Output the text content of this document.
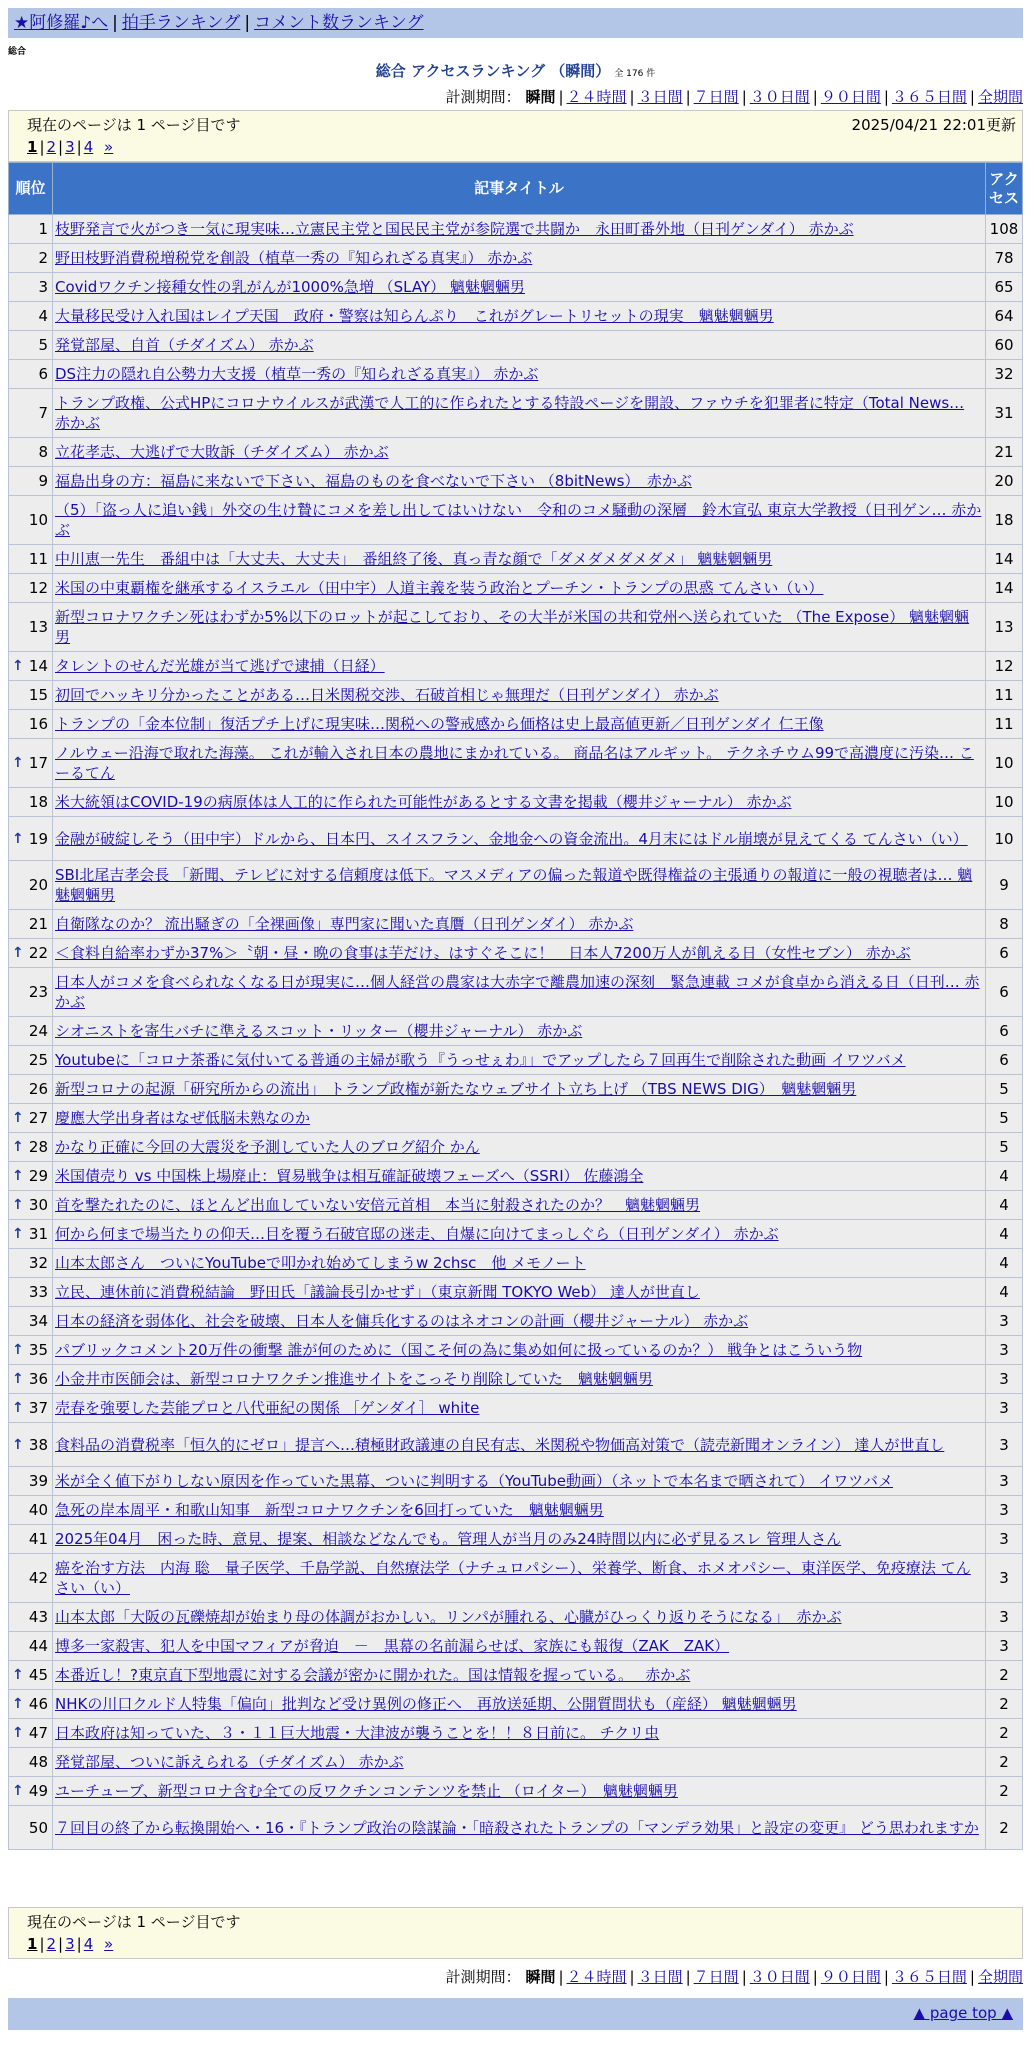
★阿修羅♪へ | 拍手ランキング | コメント数ランキング
総合
総合 アクセスランキング （瞬間） 全 176 件
計測期間： 瞬間 | ２４時間 | ３日間 | ７日間 | ３０日間 | ９０日間 | ３６５日間 | 全期間
現在のページは 1 ページ目です	2025/04/21 22:01更新
1 | 2 | 3 | 4 »
順位	記事タイトル	アクセス
1	枝野発言で火がつき一気に現実味…立憲民主党と国民民主党が参院選で共闘か　永田町番外地（日刊ゲンダイ） 赤かぶ	108
2	野田枝野消費税増税党を創設（植草一秀の『知られざる真実』） 赤かぶ	78
3	Covidワクチン接種女性の乳がんが1000%急増 （SLAY） 魑魅魍魎男	65
4	大量移民受け入れ国はレイプ天国　政府・警察は知らんぷり　これがグレートリセットの現実　魑魅魍魎男	64
5	発覚部屋、自首（チダイズム） 赤かぶ	60
6	DS注力の隠れ自公勢力大支援（植草一秀の『知られざる真実』） 赤かぶ	32
7	トランプ政権、公式HPにコロナウイルスが武漢で人工的に作られたとする特設ページを開設、ファウチを犯罪者に特定（Total News… 赤かぶ	31
8	立花孝志、大逃げで大敗訴（チダイズム） 赤かぶ	21
9	福島出身の方：福島に来ないで下さい、福島のものを食べないで下さい （8bitNews）　赤かぶ	20
10	（5）「盗っ人に追い銭」外交の生け贄にコメを差し出してはいけない　令和のコメ騒動の深層　鈴木宣弘 東京大学教授（日刊ゲン… 赤かぶ	18
11	中川恵一先生　番組中は「大丈夫、大丈夫」　番組終了後、真っ青な顔で「ダメダメダメダメ」 魑魅魍魎男	14
12	米国の中東覇権を継承するイスラエル（田中宇）人道主義を装う政治とプーチン・トランプの思惑 てんさい（い）	14
13	新型コロナワクチン死はわずか5%以下のロットが起こしており、その大半が米国の共和党州へ送られていた （The Expose） 魑魅魍魎男	13

↑ 14	タレントのせんだ光雄が当て逃げで逮捕（日経）	12
15	初回でハッキリ分かったことがある…日米関税交渉、石破首相じゃ無理だ（日刊ゲンダイ） 赤かぶ	11
16	トランプの「金本位制」復活プチ上げに現実味…関税への警戒感から価格は史上最高値更新／日刊ゲンダイ 仁王像	11

↑ 17	ノルウェー沿海で取れた海藻。 これが輸入され日本の農地にまかれている。 商品名はアルギット。 テクネチウム99で高濃度に汚染… こーるてん	10
18	米大統領はCOVID-19の病原体は人工的に作られた可能性があるとする文書を掲載（櫻井ジャーナル） 赤かぶ	10

↑ 19	金融が破綻しそう（田中宇）ドルから、日本円、スイスフラン、金地金への資金流出。4月末にはドル崩壊が見えてくる てんさい（い）	10
20	SBI北尾吉孝会長 「新聞、テレビに対する信頼度は低下。マスメディアの偏った報道や既得権益の主張通りの報道に一般の視聴者は… 魑魅魍魎男	9
21	自衛隊なのか？ 流出騒ぎの「全裸画像」専門家に聞いた真贋（日刊ゲンダイ） 赤かぶ	8

↑ 22	＜食料自給率わずか37%＞〝朝・昼・晩の食事は芋だけ〟はすぐそこに！　日本人7200万人が飢える日（女性セブン） 赤かぶ	6
23	日本人がコメを食べられなくなる日が現実に…個人経営の農家は大赤字で離農加速の深刻　緊急連載 コメが食卓から消える日（日刊… 赤かぶ	6
24	シオニストを寄生バチに準えるスコット・リッター（櫻井ジャーナル） 赤かぶ	6
25	Youtubeに「コロナ茶番に気付いてる普通の主婦が歌う『うっせぇわ』」でアップしたら７回再生で削除された動画 イワツバメ	6
26	新型コロナの起源「研究所からの流出」 トランプ政権が新たなウェブサイト立ち上げ （TBS NEWS DIG）　魑魅魍魎男	5

↑ 27	慶應大学出身者はなぜ低脳未熟なのか	5

↑ 28	かなり正確に今回の大震災を予測していた人のブログ紹介 かん	5

↑ 29	米国債売り vs 中国株上場廃止：貿易戦争は相互確証破壊フェーズへ（SSRI） 佐藤鴻全	4

↑ 30	首を撃たれたのに、ほとんど出血していない安倍元首相　本当に射殺されたのか？　魑魅魍魎男	4

↑ 31	何から何まで場当たりの仰天…目を覆う石破官邸の迷走、自爆に向けてまっしぐら（日刊ゲンダイ） 赤かぶ	4
32	山本太郎さん　ついにYouTubeで叩かれ始めてしまうw 2chsc　他 メモノート	4
33	立民、連休前に消費税結論　野田氏「議論長引かせず」（東京新聞 TOKYO Web） 達人が世直し	4
34	日本の経済を弱体化、社会を破壊、日本人を傭兵化するのはネオコンの計画（櫻井ジャーナル） 赤かぶ	3

↑ 35	パブリックコメント20万件の衝撃 誰が何のために（国こそ何の為に集め如何に扱っているのか？） 戦争とはこういう物	3

↑ 36	小金井市医師会は、新型コロナワクチン推進サイトをこっそり削除していた　魑魅魍魎男	3

↑ 37	売春を強要した芸能プロと八代亜紀の関係 ［ゲンダイ］ white	3

↑ 38	食料品の消費税率「恒久的にゼロ」提言へ…積極財政議連の自民有志、米関税や物価高対策で（読売新聞オンライン） 達人が世直し	3
39	米が全く値下がりしない原因を作っていた黒幕、ついに判明する（YouTube動画）（ネットで本名まで晒されて） イワツバメ	3
40	急死の岸本周平・和歌山知事　新型コロナワクチンを6回打っていた　魑魅魍魎男	3
41	2025年04月　困った時、意見、提案、相談などなんでも。管理人が当月のみ24時間以内に必ず見るスレ 管理人さん	3
42	癌を治す方法　内海 聡　量子医学、千島学説、自然療法学（ナチュロパシー）、栄養学、断食、ホメオパシー、東洋医学、免疫療法 てんさい（い）	3
43	山本太郎「大阪の瓦礫焼却が始まり母の体調がおかしい。リンパが腫れる、心臓がひっくり返りそうになる」　赤かぶ	3
44	博多一家殺害、犯人を中国マフィアが脅迫　－　黒幕の名前漏らせば、家族にも報復（ZAK　ZAK）	3

↑ 45	本番近し！?東京直下型地震に対する会議が密かに開かれた。国は情報を握っている。　 赤かぶ	2

↑ 46	NHKの川口クルド人特集「偏向」批判など受け異例の修正へ　再放送延期、公開質問状も（産経） 魑魅魍魎男	2

↑ 47	日本政府は知っていた、３・１１巨大地震・大津波が襲うことを！！８日前に。 チクリ虫	2
48	発覚部屋、ついに訴えられる（チダイズム） 赤かぶ	2

↑ 49	ユーチューブ、新型コロナ含む全ての反ワクチンコンテンツを禁止 （ロイター）　魑魅魍魎男	2
50	７回目の終了から転換開始へ・16・『トランプ政治の陰謀論・「暗殺されたトランプの「マンデラ効果」と設定の変更』 どう思われますか	2
現在のページは 1 ページ目です
1 | 2 | 3 | 4 »
計測期間： 瞬間 | ２４時間 | ３日間 | ７日間 | ３０日間 | ９０日間 | ３６５日間 | 全期間
▲ page top ▲
